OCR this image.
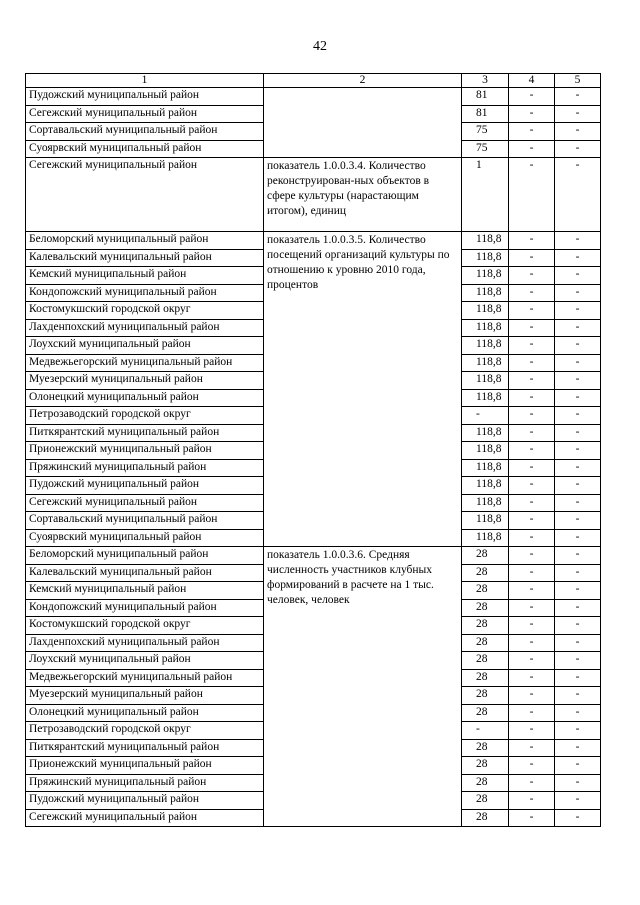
42
1	2	3	4	5
Пудожский муниципальный район		81	-	-
Сегежский муниципальный район		81	-	-
Сортавальский муниципальный район		75	-	-
Суоярвский муниципальный район		75	-	-
Сегежский муниципальный район	показатель 1.0.0.3.4. Количество реконструирован-ных объектов в сфере культуры (нарастающим итогом), единиц	1	-	-
Беломорский муниципальный район	показатель 1.0.0.3.5. Количество посещений организаций культуры по отношению к уровню 2010 года, процентов	118,8	-	-
Калевальский муниципальный район		118,8	-	-
Кемский муниципальный район		118,8	-	-
Кондопожский муниципальный район		118,8	-	-
Костомукшский городской округ		118,8	-	-
Лахденпохский муниципальный район		118,8	-	-
Лоухский муниципальный район		118,8	-	-
Медвежьегорский муниципальный район		118,8	-	-
Муезерский муниципальный район		118,8	-	-
Олонецкий муниципальный район		118,8	-	-
Петрозаводский городской округ		-	-	-
Питкярантский муниципальный район		118,8	-	-
Прионежский муниципальный район		118,8	-	-
Пряжинский муниципальный район		118,8	-	-
Пудожский муниципальный район		118,8	-	-
Сегежский муниципальный район		118,8	-	-
Сортавальский муниципальный район		118,8	-	-
Суоярвский муниципальный район		118,8	-	-
Беломорский муниципальный район	показатель 1.0.0.3.6. Средняя численность участников клубных формирований в расчете на 1 тыс. человек, человек	28	-	-
Калевальский муниципальный район		28	-	-
Кемский муниципальный район		28	-	-
Кондопожский муниципальный район		28	-	-
Костомукшский городской округ		28	-	-
Лахденпохский муниципальный район		28	-	-
Лоухский муниципальный район		28	-	-
Медвежьегорский муниципальный район		28	-	-
Муезерский муниципальный район		28	-	-
Олонецкий муниципальный район		28	-	-
Петрозаводский городской округ		-	-	-
Питкярантский муниципальный район		28	-	-
Прионежский муниципальный район		28	-	-
Пряжинский муниципальный район		28	-	-
Пудожский муниципальный район		28	-	-
Сегежский муниципальный район		28	-	-
